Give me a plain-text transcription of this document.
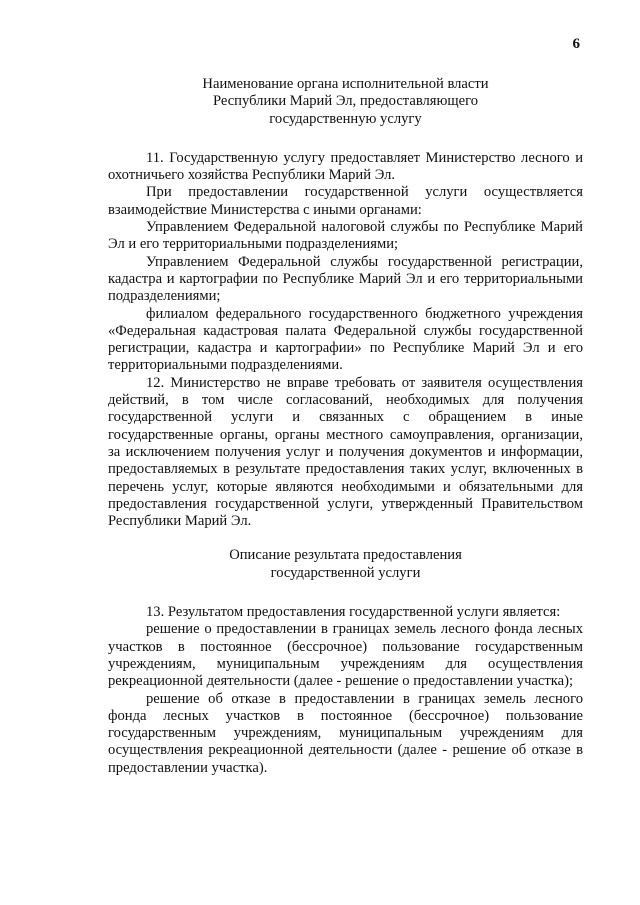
6
Наименование органа исполнительной власти
Республики Марий Эл, предоставляющего
государственную услугу

11. Государственную услугу предоставляет Министерство лесного и охотничьего хозяйства Республики Марий Эл.

При предоставлении государственной услуги осуществляется взаимодействие Министерства с иными органами:

Управлением Федеральной налоговой службы по Республике Марий Эл и его территориальными подразделениями;

Управлением Федеральной службы государственной регистрации, кадастра и картографии по Республике Марий Эл и его территориальными подразделениями;

филиалом федерального государственного бюджетного учреждения «Федеральная кадастровая палата Федеральной службы государственной регистрации, кадастра и картографии» по Республике Марий Эл и его территориальными подразделениями.

12. Министерство не вправе требовать от заявителя осуществления действий, в том числе согласований, необходимых для получения государственной услуги и связанных с обращением в иные государственные органы, органы местного самоуправления, организации, за исключением получения услуг и получения документов и информации, предоставляемых в результате предоставления таких услуг, включенных в перечень услуг, которые являются необходимыми и обязательными для предоставления государственной услуги, утвержденный Правительством Республики Марий Эл.

Описание результата предоставления
государственной услуги

13. Результатом предоставления государственной услуги является:

решение о предоставлении в границах земель лесного фонда лесных участков в постоянное (бессрочное) пользование государственным учреждениям, муниципальным учреждениям для осуществления рекреационной деятельности (далее - решение о предоставлении участка);

решение об отказе в предоставлении в границах земель лесного фонда лесных участков в постоянное (бессрочное) пользование государственным учреждениям, муниципальным учреждениям для осуществления рекреационной деятельности (далее - решение об отказе в предоставлении участка).
